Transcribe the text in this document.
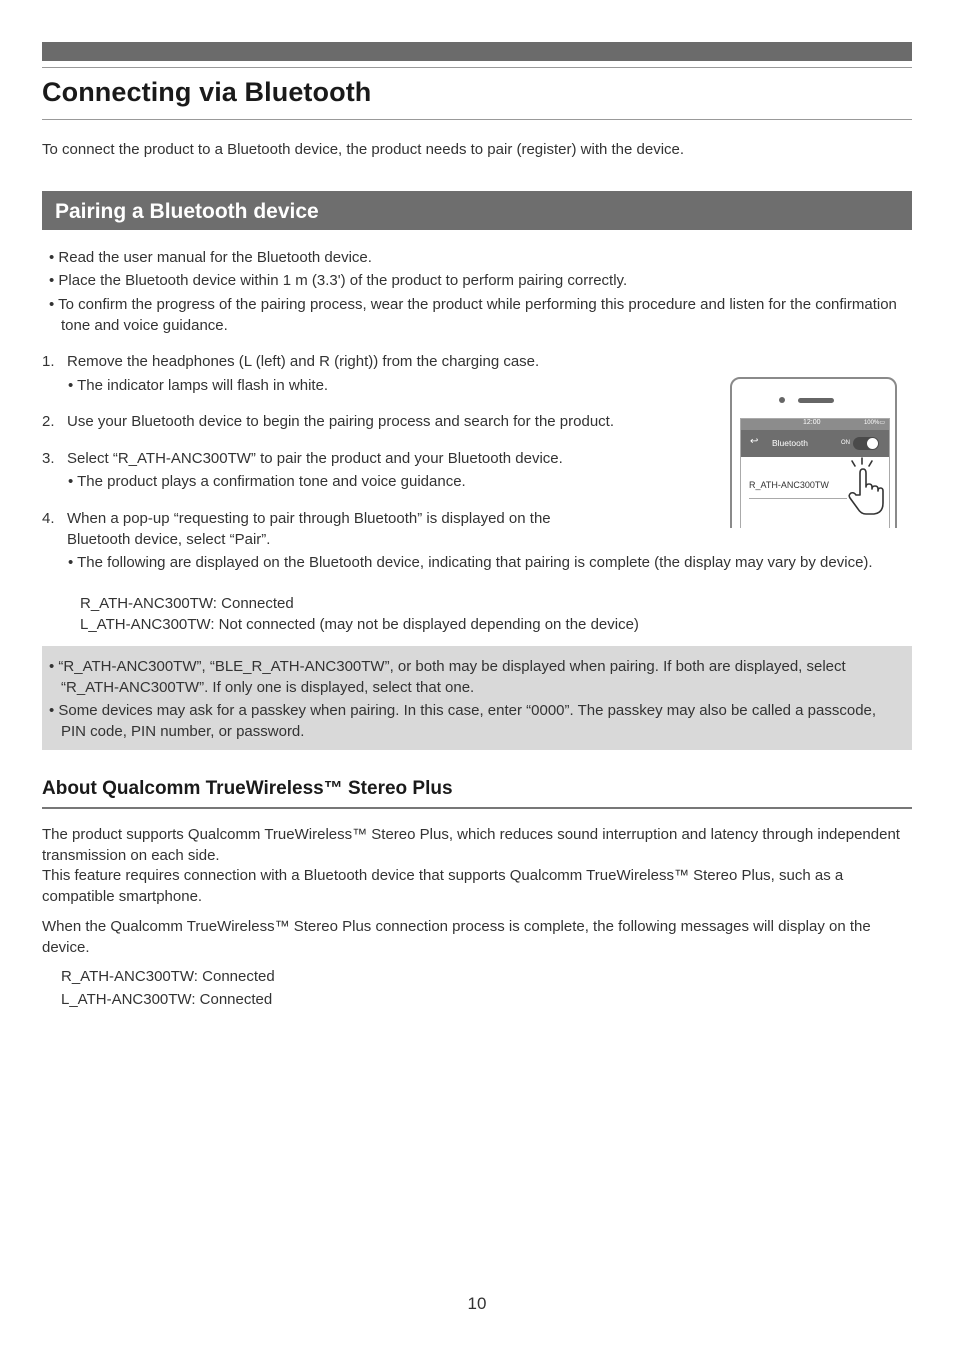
Connecting via Bluetooth

To connect the product to a Bluetooth device, the product needs to pair (register) with the device.

Pairing a Bluetooth device

• Read the user manual for the Bluetooth device.

• Place the Bluetooth device within 1 m (3.3') of the product to perform pairing correctly.

• To confirm the progress of the pairing process, wear the product while performing this procedure and listen for the confirmation tone and voice guidance.

1. Remove the headphones (L (left) and R (right)) from the charging case.

• The indicator lamps will flash in white.

2. Use your Bluetooth device to begin the pairing process and search for the product.

3. Select “R_ATH-ANC300TW” to pair the product and your Bluetooth device.

• The product plays a confirmation tone and voice guidance.

4. When a pop-up “requesting to pair through Bluetooth” is displayed on the

Bluetooth device, select “Pair”.

• The following are displayed on the Bluetooth device, indicating that pairing is complete (the display may vary by device).

R_ATH-ANC300TW: Connected

L_ATH-ANC300TW: Not connected (may not be displayed depending on the device)

12:00	100%▭
↩ Bluetooth	ON
R_ATH-ANC300TW

• “R_ATH-ANC300TW”, “BLE_R_ATH-ANC300TW”, or both may be displayed when pairing. If both are displayed, select “R_ATH-ANC300TW”. If only one is displayed, select that one.

• Some devices may ask for a passkey when pairing. In this case, enter “0000”. The passkey may also be called a passcode, PIN code, PIN number, or password.

About Qualcomm TrueWireless™ Stereo Plus

The product supports Qualcomm TrueWireless™ Stereo Plus, which reduces sound interruption and latency through independent transmission on each side.

This feature requires connection with a Bluetooth device that supports Qualcomm TrueWireless™ Stereo Plus, such as a compatible smartphone.

When the Qualcomm TrueWireless™ Stereo Plus connection process is complete, the following messages will display on the device.

R_ATH-ANC300TW: Connected

L_ATH-ANC300TW: Connected

10
